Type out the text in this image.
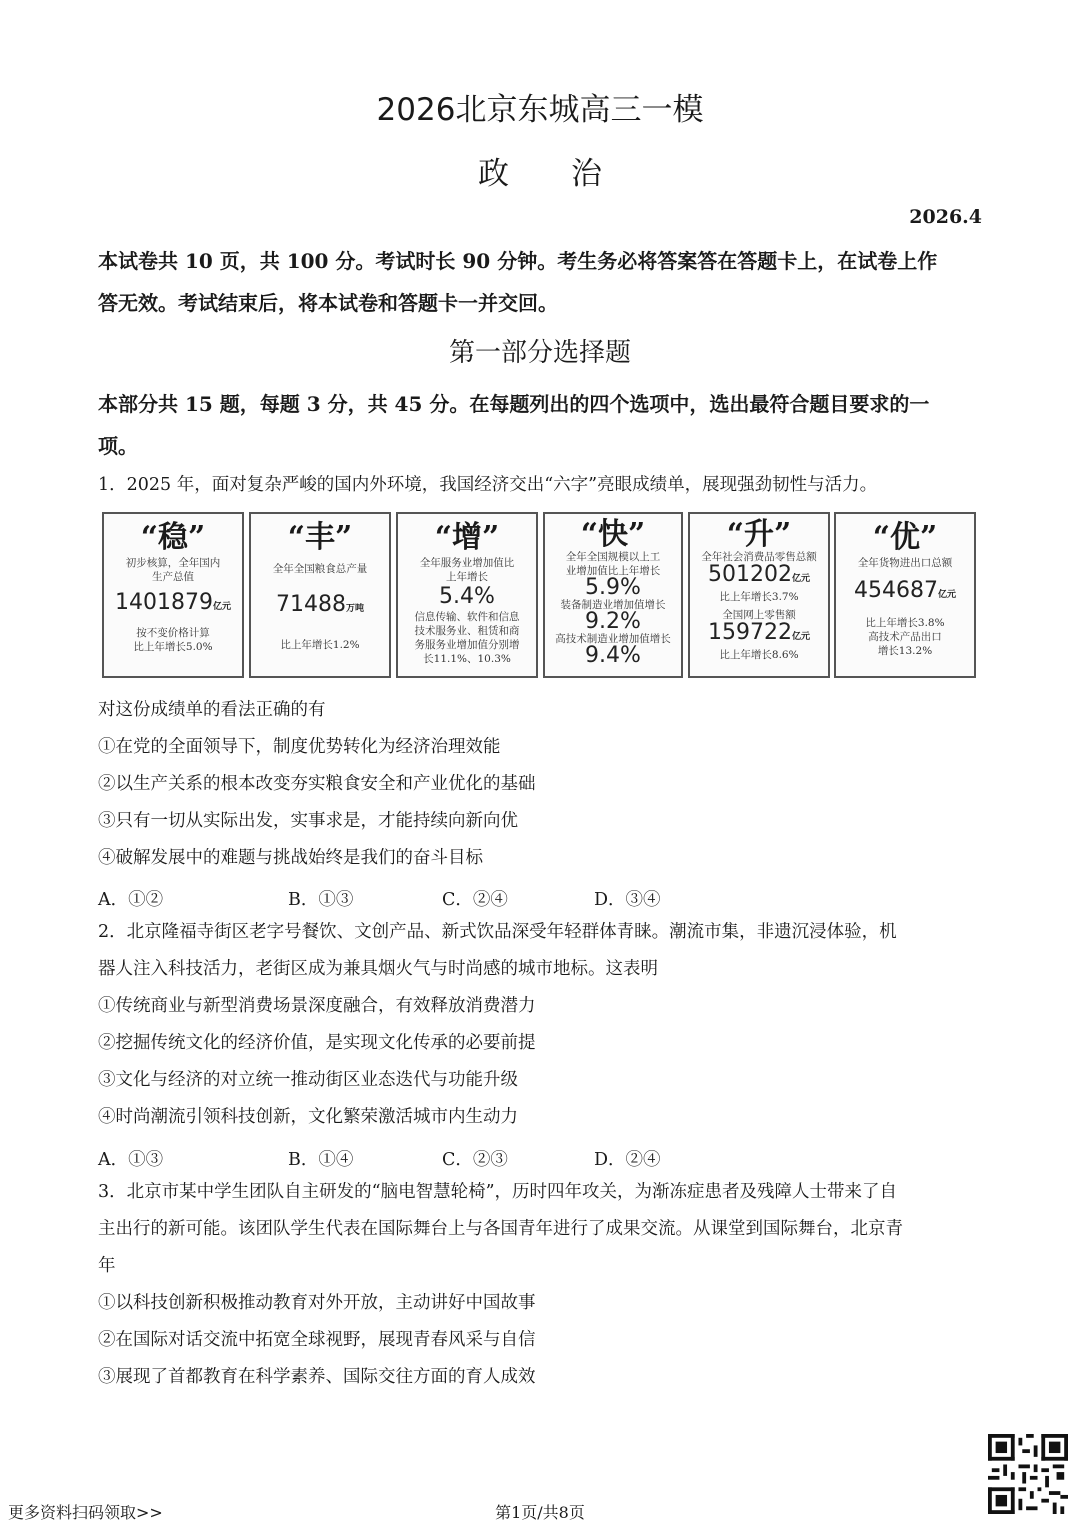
2026北京东城高三一模
政 治
2026.4
本试卷共 10 页，共 100 分。考试时长 90 分钟。考生务必将答案答在答题卡上，在试卷上作
答无效。考试结束后，将本试卷和答题卡一并交回。
第一部分选择题
本部分共 15 题，每题 3 分，共 45 分。在每题列出的四个选项中，选出最符合题目要求的一
项。
1．2025 年，面对复杂严峻的国内外环境，我国经济交出“六字”亮眼成绩单，展现强劲韧性与活力。
“稳”
初步核算，全年国内
生产总值
1401879亿元
按不变价格计算
比上年增长5.0%
“丰”
全年全国粮食总产量
71488万吨
比上年增长1.2%
“增”
全年服务业增加值比
上年增长
5.4%
信息传输、软件和信息
技术服务业、租赁和商
务服务业增加值分别增
长11.1%、10.3%
“快”
全年全国规模以上工
业增加值比上年增长
5.9%
装备制造业增加值增长
9.2%
高技术制造业增加值增长
9.4%
“升”
全年社会消费品零售总额
501202亿元
比上年增长3.7%
全国网上零售额
159722亿元
比上年增长8.6%
“优”
全年货物进出口总额
454687亿元
比上年增长3.8%
高技术产品出口
增长13.2%
对这份成绩单的看法正确的有
①在党的全面领导下，制度优势转化为经济治理效能
②以生产关系的根本改变夯实粮食安全和产业优化的基础
③只有一切从实际出发，实事求是，才能持续向新向优
④破解发展中的难题与挑战始终是我们的奋斗目标
A．①②	B．①③	C．②④	D．③④
2．北京隆福寺街区老字号餐饮、文创产品、新式饮品深受年轻群体青睐。潮流市集，非遗沉浸体验，机
器人注入科技活力，老街区成为兼具烟火气与时尚感的城市地标。这表明
①传统商业与新型消费场景深度融合，有效释放消费潜力
②挖掘传统文化的经济价值，是实现文化传承的必要前提
③文化与经济的对立统一推动街区业态迭代与功能升级
④时尚潮流引领科技创新，文化繁荣激活城市内生动力
A．①③	B．①④	C．②③	D．②④
3．北京市某中学生团队自主研发的“脑电智慧轮椅”，历时四年攻关，为渐冻症患者及残障人士带来了自
主出行的新可能。该团队学生代表在国际舞台上与各国青年进行了成果交流。从课堂到国际舞台，北京青
年
①以科技创新积极推动教育对外开放，主动讲好中国故事
②在国际对话交流中拓宽全球视野，展现青春风采与自信
③展现了首都教育在科学素养、国际交往方面的育人成效
更多资料扫码领取>>	第1页/共8页
